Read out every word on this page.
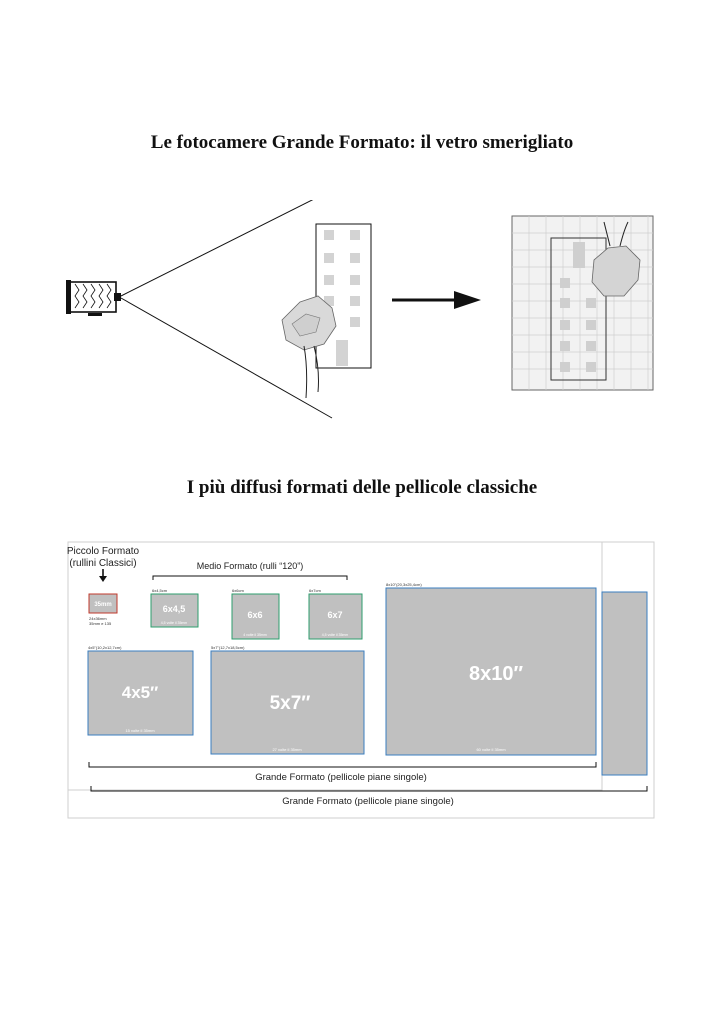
Le fotocamere Grande Formato: il vetro smerigliato
I più diffusi formati delle pellicole classiche
Piccolo Formato
(rullini Classici)
35mm
24x36mm
35mm e 135
Medio Formato (rulli “120”)
6x4,5cm
6x4,5
4,5 volte il 35mm
6x6cm
6x6
4 volte il 35mm
6x7cm
6x7
4,5 volte il 35mm
4x5"(10,2x12,7cm)
4x5″
15 volte il 35mm
5x7"(12,7x18,5cm)
5x7″
27 volte il 35mm
8x10"(20,3x25,4cm)
8x10″
60 volte il 35mm
Grande Formato (pellicole piane singole)
Grande Formato (pellicole piane singole)
